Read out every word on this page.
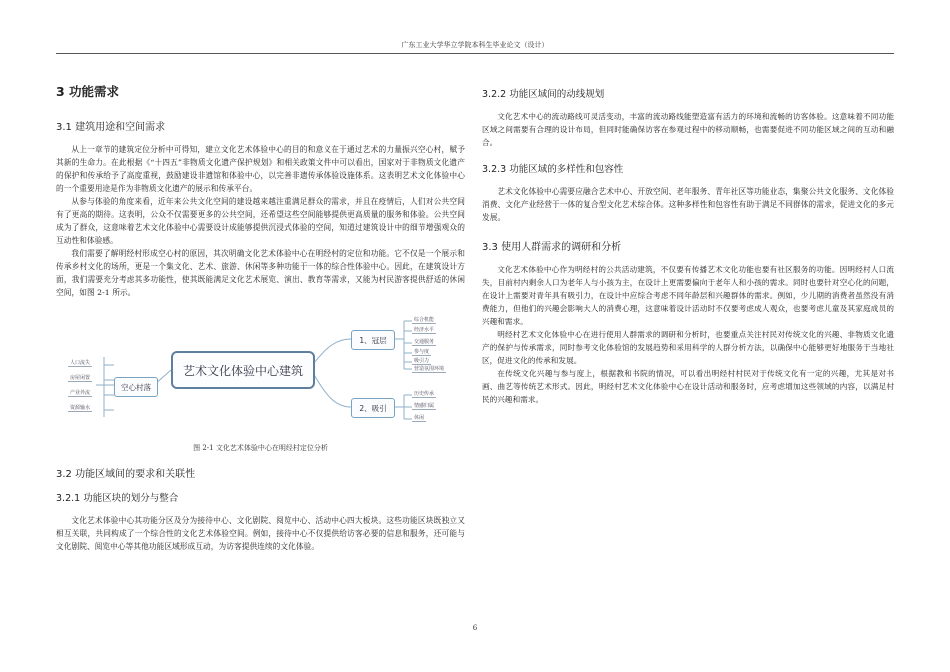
广东工业大学华立学院本科生毕业论文（设计）
3 功能需求
3.1 建筑用途和空间需求

从上一章节的建筑定位分析中可得知，建立文化艺术体验中心的目的和意义在于通过艺术的力量振兴空心村，赋予其新的生命力。在此根据《“十四五”非物质文化遗产保护规划》和相关政策文件中可以看出，国家对于非物质文化遗产的保护和传承给予了高度重视，鼓励建设非遗馆和体验中心，以完善非遗传承体验设施体系。这表明艺术文化体验中心的一个重要用途是作为非物质文化遗产的展示和传承平台。

从参与体验的角度来看，近年来公共文化空间的建设越来越注重满足群众的需求，并且在疫情后，人们对公共空间有了更高的期待。这表明，公众不仅需要更多的公共空间，还希望这些空间能够提供更高质量的服务和体验。公共空间成为了群众，这意味着艺术文化体验中心需要设计成能够提供沉浸式体验的空间，知道过建筑设计中的细节增强观众的互动性和体验感。

我们需要了解明经村形成空心村的原因，其次明确文化艺术体验中心在明经村的定位和功能。它不仅是一个展示和传承乡村文化的场所，更是一个集文化、艺术、旅游、休闲等多种功能于一体的综合性体验中心。因此，在建筑设计方面，我们需要充分考虑其多功能性，使其既能满足文化艺术展览、演出、教育等需求，又能为村民游客提供舒适的休闲空间，如图 2-1 所示。

人口流失
房屋闲置
产业外流
资源输水
空心村落
艺术文化体验中心建筑
1、冠层
2、吸引
综合机能
经济水平
交通服务
参与度
吸引力
营造氛围环境
历史传承
情感归属
休闲
图 2-1 文化艺术体验中心在明经村定位分析
3.2 功能区域间的要求和关联性
3.2.1 功能区块的划分与整合

文化艺术体验中心其功能分区及分为接待中心、文化剧院、阅览中心、活动中心四大板块。这些功能区块既独立又相互关联，共同构成了一个综合性的文化艺术体验空间。例如，接待中心不仅提供给访客必要的信息和服务，还可能与文化剧院、阅览中心等其他功能区域形成互动，为访客提供连续的文化体验。

3.2.2 功能区域间的动线规划

文化艺术中心的流动路线可灵活变动，丰富的流动路线能塑造富有活力的环境和流畅的访客体验。这意味着不同功能区域之间需要有合理的设计布局，但同时能确保访客在参观过程中的移动顺畅，也需要促进不同功能区域之间的互动和融合。

3.2.3 功能区域的多样性和包容性

艺术文化体验中心需要应融合艺术中心、开放空间、老年服务、青年社区等功能业态，集聚公共文化服务、文化体验消费、文化产业经营于一体的复合型文化艺术综合体。这种多样性和包容性有助于满足不同群体的需求，促进文化的多元发展。

3.3 使用人群需求的调研和分析

文化艺术体验中心作为明经村的公共活动建筑，不仅要有传播艺术文化功能也要有社区服务的功能。因明经村人口流失，目前村内剩余人口为老年人与小孩为主，在设计上更需要偏向于老年人和小孩的需求。同时也要针对空心化的问题，在设计上需要对青年具有吸引力，在设计中应综合考虑不同年龄层和兴趣群体的需求。例如，少儿期的消费者虽然没有消费能力，但他们的兴趣会影响大人的消费心理，这意味着设计活动时不仅要考虑成人观众，也要考虑儿童及其家庭成员的兴趣和需求。

明经村艺术文化体验中心在进行使用人群需求的调研和分析时，也要重点关注村民对传统文化的兴趣、非物质文化遗产的保护与传承需求，同时参考文化体验馆的发展趋势和采用科学的人群分析方法，以确保中心能够更好地服务于当地社区，促进文化的传承和发展。

在传统文化兴趣与参与度上，根据教和书院的情况，可以看出明经村村民对于传统文化有一定的兴趣，尤其是对书画、曲艺等传统艺术形式。因此，明经村艺术文化体验中心在设计活动和服务时，应考虑增加这些领域的内容，以满足村民的兴趣和需求。

6
